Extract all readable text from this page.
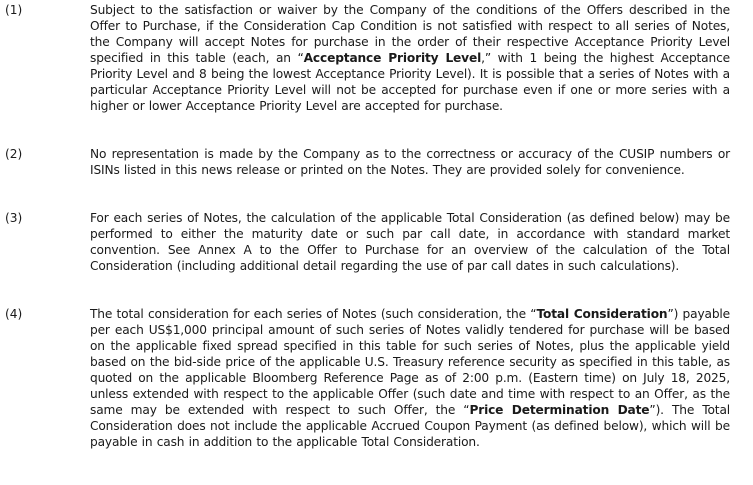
(1)	Subject to the satisfaction or waiver by the Company of the conditions of the Offers described in the Offer to Purchase, if the Consideration Cap Condition is not satisfied with respect to all series of Notes, the Company will accept Notes for purchase in the order of their respective Acceptance Priority Level specified in this table (each, an “Acceptance Priority Level,” with 1 being the highest Acceptance Priority Level and 8 being the lowest Acceptance Priority Level). It is possible that a series of Notes with a particular Acceptance Priority Level will not be accepted for purchase even if one or more series with a higher or lower Acceptance Priority Level are accepted for purchase.
(2)	No representation is made by the Company as to the correctness or accuracy of the CUSIP numbers or ISINs listed in this news release or printed on the Notes. They are provided solely for convenience.
(3)	For each series of Notes, the calculation of the applicable Total Consideration (as defined below) may be performed to either the maturity date or such par call date, in accordance with standard market convention. See Annex A to the Offer to Purchase for an overview of the calculation of the Total Consideration (including additional detail regarding the use of par call dates in such calculations).
(4)	The total consideration for each series of Notes (such consideration, the “Total Consideration”) payable per each US$1,000 principal amount of such series of Notes validly tendered for purchase will be based on the applicable fixed spread specified in this table for such series of Notes, plus the applicable yield based on the bid-side price of the applicable U.S. Treasury reference security as specified in this table, as quoted on the applicable Bloomberg Reference Page as of 2:00 p.m. (Eastern time) on July 18, 2025, unless extended with respect to the applicable Offer (such date and time with respect to an Offer, as the same may be extended with respect to such Offer, the “Price Determination Date”). The Total Consideration does not include the applicable Accrued Coupon Payment (as defined below), which will be payable in cash in addition to the applicable Total Consideration.
